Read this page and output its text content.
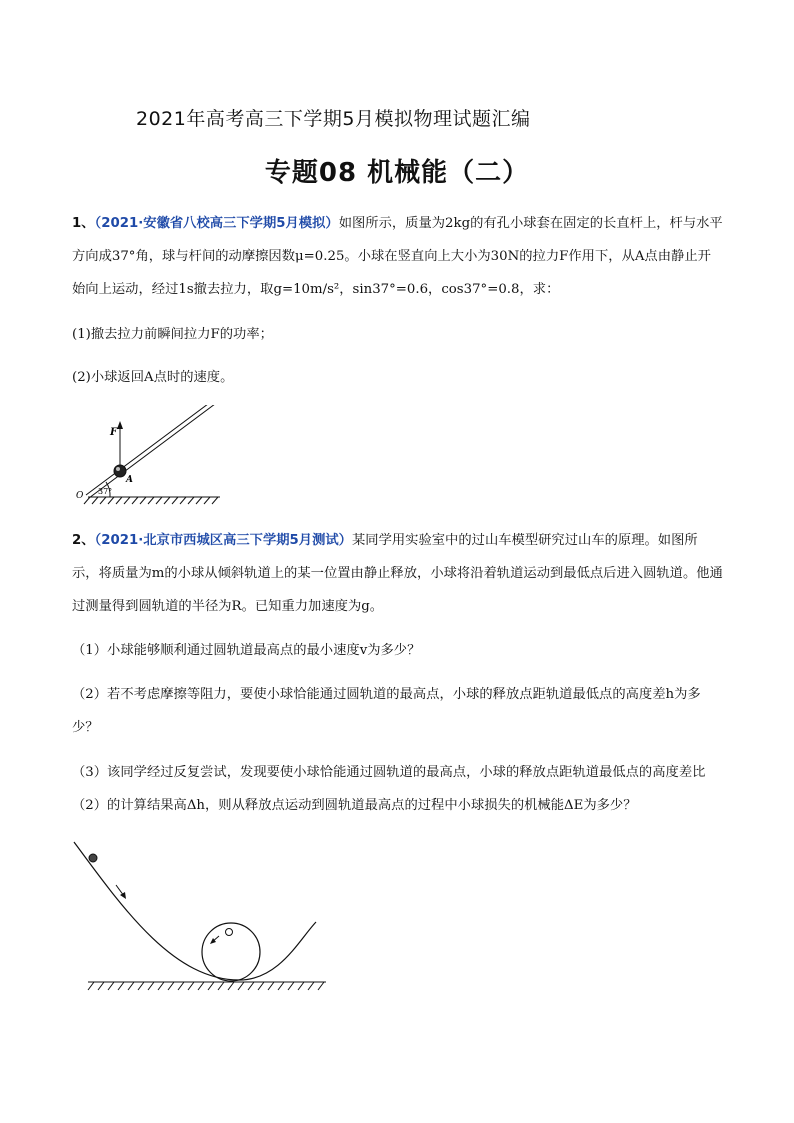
2021年高考高三下学期5月模拟物理试题汇编
专题08 机械能（二）
1、（2021·安徽省八校高三下学期5月模拟）如图所示，质量为2kg的有孔小球套在固定的长直杆上，杆与水平方向成37°角，球与杆间的动摩擦因数μ=0.25。小球在竖直向上大小为30N的拉力F作用下，从A点由静止开始向上运动，经过1s撤去拉力，取g=10m/s²，sin37°=0.6，cos37°=0.8，求：
(1)撤去拉力前瞬间拉力F的功率；
(2)小球返回A点时的速度。
37°
F
A
O
2、（2021·北京市西城区高三下学期5月测试）某同学用实验室中的过山车模型研究过山车的原理。如图所示，将质量为m的小球从倾斜轨道上的某一位置由静止释放，小球将沿着轨道运动到最低点后进入圆轨道。他通过测量得到圆轨道的半径为R。已知重力加速度为g。
（1）小球能够顺利通过圆轨道最高点的最小速度v为多少？
（2）若不考虑摩擦等阻力，要使小球恰能通过圆轨道的最高点，小球的释放点距轨道最低点的高度差h为多少？
（3）该同学经过反复尝试，发现要使小球恰能通过圆轨道的最高点，小球的释放点距轨道最低点的高度差比（2）的计算结果高Δh，则从释放点运动到圆轨道最高点的过程中小球损失的机械能ΔE为多少？
